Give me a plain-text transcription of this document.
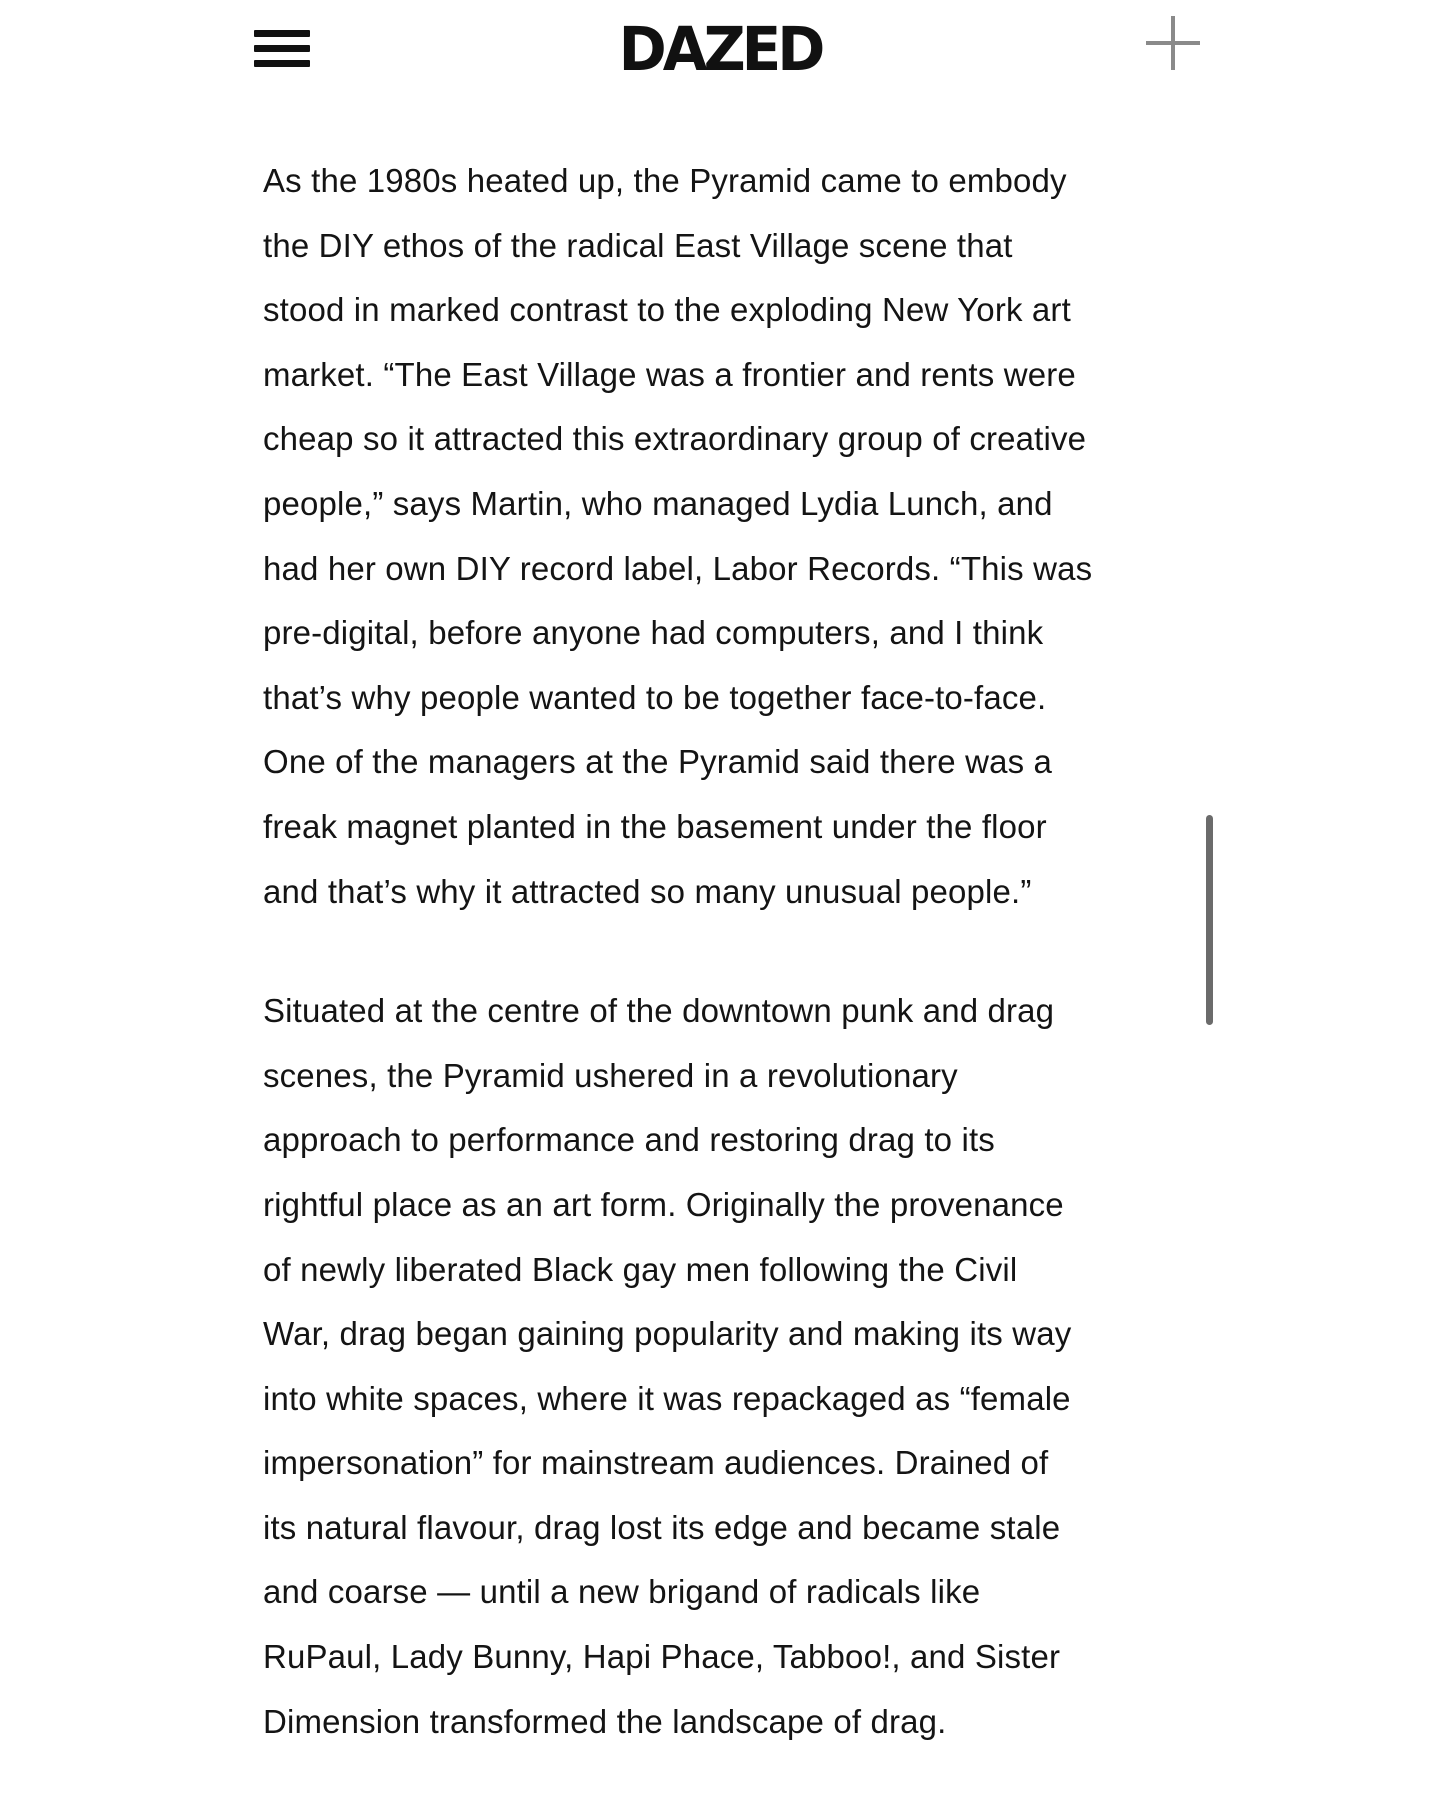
DAZED

As the 1980s heated up, the Pyramid came to embody
the DIY ethos of the radical East Village scene that
stood in marked contrast to the exploding New York art
market. “The East Village was a frontier and rents were
cheap so it attracted this extraordinary group of creative
people,” says Martin, who managed Lydia Lunch, and
had her own DIY record label, Labor Records. “This was
pre-digital, before anyone had computers, and I think
that’s why people wanted to be together face-to-face.
One of the managers at the Pyramid said there was a
freak magnet planted in the basement under the floor
and that’s why it attracted so many unusual people.”

Situated at the centre of the downtown punk and drag
scenes, the Pyramid ushered in a revolutionary
approach to performance and restoring drag to its
rightful place as an art form. Originally the provenance
of newly liberated Black gay men following the Civil
War, drag began gaining popularity and making its way
into white spaces, where it was repackaged as “female
impersonation” for mainstream audiences. Drained of
its natural flavour, drag lost its edge and became stale
and coarse — until a new brigand of radicals like
RuPaul, Lady Bunny, Hapi Phace, Tabboo!, and Sister
Dimension transformed the landscape of drag.
